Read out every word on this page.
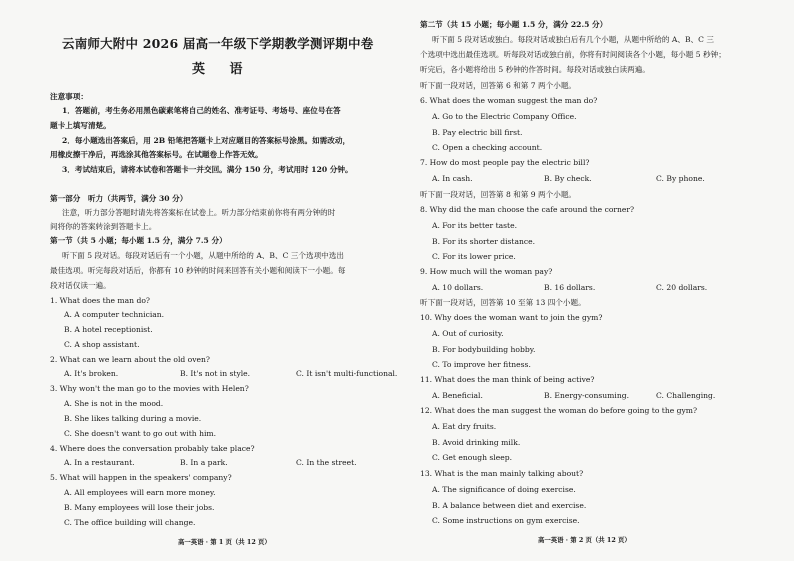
云南师大附中 2026 届高一年级下学期教学测评期中卷
英 语
注意事项：
1．答题前，考生务必用黑色碳素笔将自己的姓名、准考证号、考场号、座位号在答
题卡上填写清楚。
2．每小题选出答案后，用 2B 铅笔把答题卡上对应题目的答案标号涂黑。如需改动，
用橡皮擦干净后，再选涂其他答案标号。在试题卷上作答无效。
3．考试结束后，请将本试卷和答题卡一并交回。满分 150 分，考试用时 120 分钟。
第一部分　听力（共两节，满分 30 分）
注意，听力部分答题时请先将答案标在试卷上。听力部分结束前你将有两分钟的时
间将你的答案转涂到答题卡上。
第一节（共 5 小题；每小题 1.5 分，满分 7.5 分）
听下面 5 段对话。每段对话后有一个小题，从题中所给的 A、B、C 三个选项中选出
最佳选项。听完每段对话后，你都有 10 秒钟的时间来回答有关小题和阅读下一小题。每
段对话仅读一遍。
1. What does the man do?
A. A computer technician.
B. A hotel receptionist.
C. A shop assistant.
2. What can we learn about the old oven?
A. It's broken.	B. It's not in style.	C. It isn't multi-functional.
3. Why won't the man go to the movies with Helen?
A. She is not in the mood.
B. She likes talking during a movie.
C. She doesn't want to go out with him.
4. Where does the conversation probably take place?
A. In a restaurant.	B. In a park.	C. In the street.
5. What will happen in the speakers' company?
A. All employees will earn more money.
B. Many employees will lose their jobs.
C. The office building will change.
高一英语 · 第 1 页（共 12 页）
第二节（共 15 小题；每小题 1.5 分，满分 22.5 分）
听下面 5 段对话或独白。每段对话或独白后有几个小题，从题中所给的 A、B、C 三
个选项中选出最佳选项。听每段对话或独白前，你将有时间阅读各个小题，每小题 5 秒钟；
听完后，各小题将给出 5 秒钟的作答时间。每段对话或独白读两遍。
听下面一段对话，回答第 6 和第 7 两个小题。
6. What does the woman suggest the man do?
A. Go to the Electric Company Office.
B. Pay electric bill first.
C. Open a checking account.
7. How do most people pay the electric bill?
A. In cash.	B. By check.	C. By phone.
听下面一段对话，回答第 8 和第 9 两个小题。
8. Why did the man choose the cafe around the corner?
A. For its better taste.
B. For its shorter distance.
C. For its lower price.
9. How much will the woman pay?
A. 10 dollars.	B. 16 dollars.	C. 20 dollars.
听下面一段对话，回答第 10 至第 13 四个小题。
10. Why does the woman want to join the gym?
A. Out of curiosity.
B. For bodybuilding hobby.
C. To improve her fitness.
11. What does the man think of being active?
A. Beneficial.	B. Energy-consuming.	C. Challenging.
12. What does the man suggest the woman do before going to the gym?
A. Eat dry fruits.
B. Avoid drinking milk.
C. Get enough sleep.
13. What is the man mainly talking about?
A. The significance of doing exercise.
B. A balance between diet and exercise.
C. Some instructions on gym exercise.
高一英语 · 第 2 页（共 12 页）
